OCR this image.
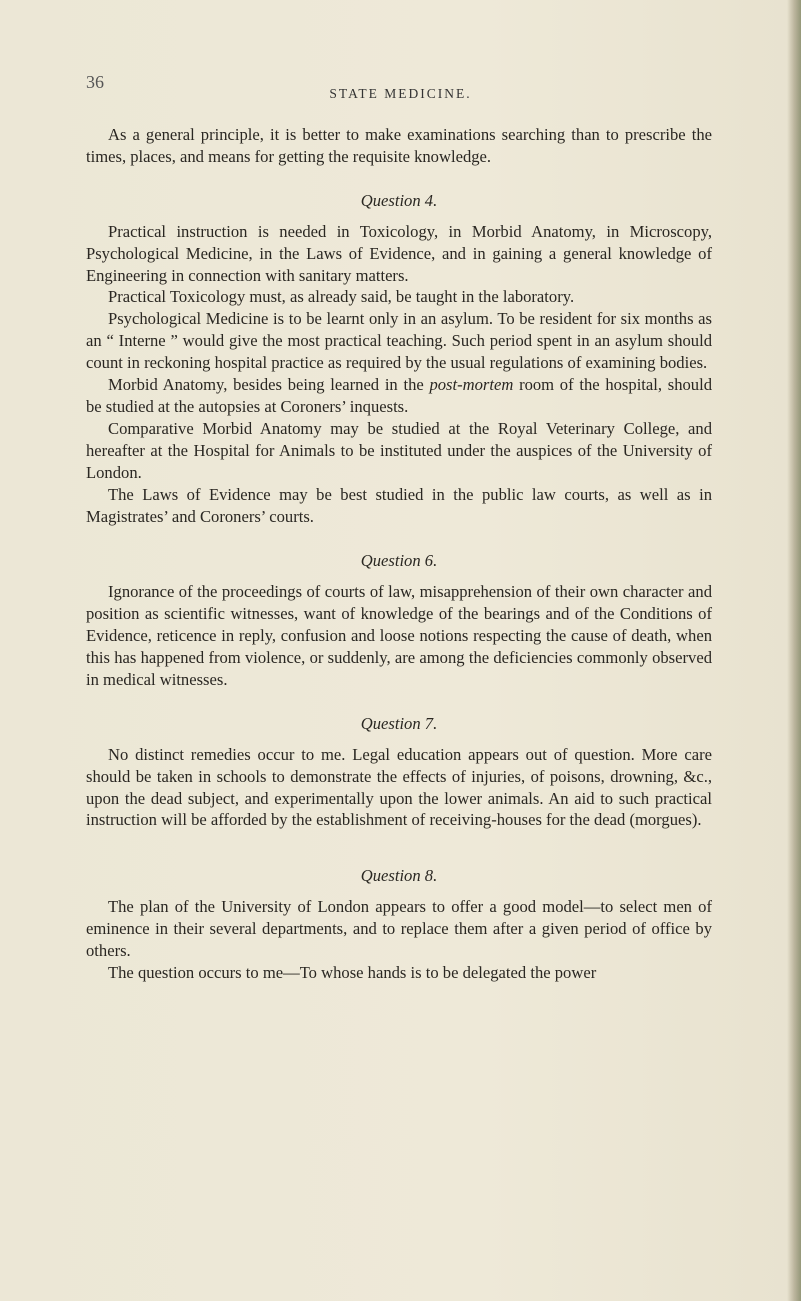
36
STATE MEDICINE.

As a general principle, it is better to make examinations searching than to prescribe the times, places, and means for getting the requisite knowledge.

Question 4.

Practical instruction is needed in Toxicology, in Morbid Anatomy, in Microscopy, Psychological Medicine, in the Laws of Evidence, and in gaining a general knowledge of Engineering in connection with sanitary matters.

Practical Toxicology must, as already said, be taught in the laboratory.

Psychological Medicine is to be learnt only in an asylum. To be resident for six months as an “ Interne ” would give the most practical teaching. Such period spent in an asylum should count in reckoning hospital practice as required by the usual regulations of examining bodies.

Morbid Anatomy, besides being learned in the post-mortem room of the hospital, should be studied at the autopsies at Coroners’ inquests.

Comparative Morbid Anatomy may be studied at the Royal Veterinary College, and hereafter at the Hospital for Animals to be instituted under the auspices of the University of London.

The Laws of Evidence may be best studied in the public law courts, as well as in Magistrates’ and Coroners’ courts.

Question 6.

Ignorance of the proceedings of courts of law, misapprehension of their own character and position as scientific witnesses, want of knowledge of the bearings and of the Conditions of Evidence, reticence in reply, confusion and loose notions respecting the cause of death, when this has happened from violence, or suddenly, are among the deficiencies commonly observed in medical witnesses.

Question 7.

No distinct remedies occur to me. Legal education appears out of question. More care should be taken in schools to demonstrate the effects of injuries, of poisons, drowning, &c., upon the dead subject, and experimentally upon the lower animals. An aid to such practical instruction will be afforded by the establishment of receiving-houses for the dead (morgues).

Question 8.

The plan of the University of London appears to offer a good model—to select men of eminence in their several departments, and to replace them after a given period of office by others.

The question occurs to me—To whose hands is to be delegated the power
